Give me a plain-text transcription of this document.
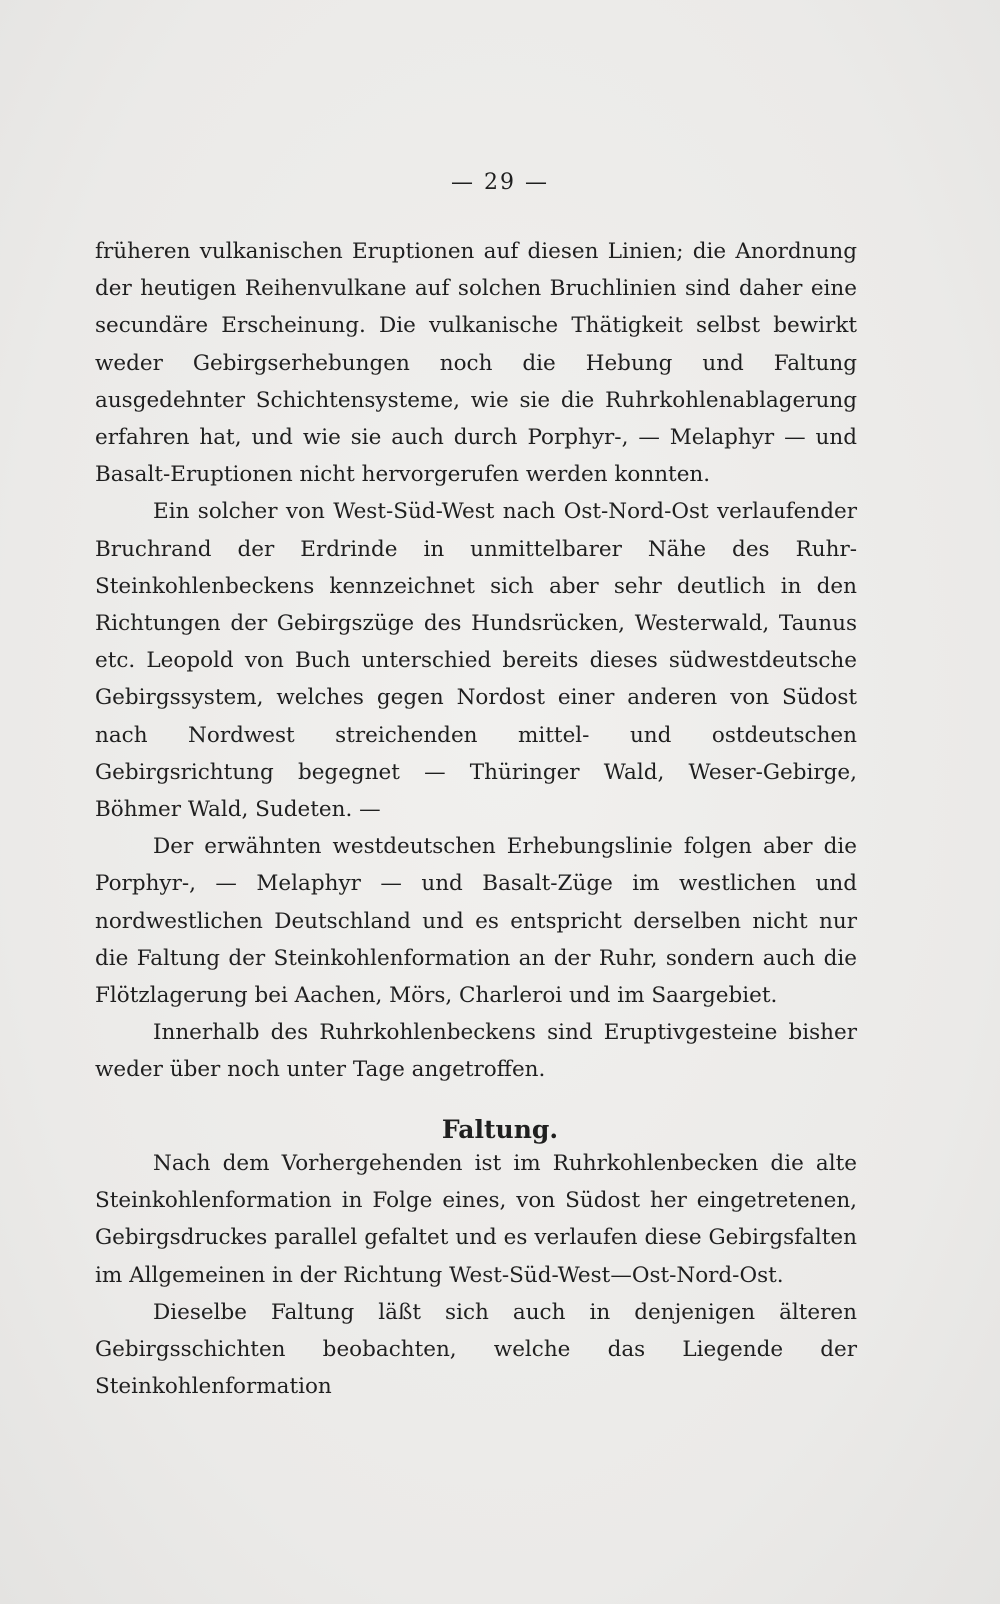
— 29 —

früheren vulkanischen Eruptionen auf diesen Linien; die Anordnung der heutigen Reihenvulkane auf solchen Bruchlinien sind daher eine secundäre Erscheinung. Die vulkanische Thätigkeit selbst bewirkt weder Gebirgserhebungen noch die Hebung und Faltung ausgedehnter Schichtensysteme, wie sie die Ruhrkohlenablagerung erfahren hat, und wie sie auch durch Porphyr-, — Melaphyr — und Basalt-Eruptionen nicht hervorgerufen werden konnten.

Ein solcher von West-Süd-West nach Ost-Nord-Ost verlaufender Bruchrand der Erdrinde in unmittelbarer Nähe des Ruhr-Steinkohlenbeckens kennzeichnet sich aber sehr deutlich in den Richtungen der Gebirgszüge des Hundsrücken, Westerwald, Taunus etc. Leopold von Buch unterschied bereits dieses südwestdeutsche Gebirgssystem, welches gegen Nordost einer anderen von Südost nach Nordwest streichenden mittel- und ostdeutschen Gebirgsrichtung begegnet — Thüringer Wald, Weser-Gebirge, Böhmer Wald, Sudeten. —

Der erwähnten westdeutschen Erhebungslinie folgen aber die Porphyr-, — Melaphyr — und Basalt-Züge im westlichen und nordwestlichen Deutschland und es entspricht derselben nicht nur die Faltung der Steinkohlenformation an der Ruhr, sondern auch die Flötzlagerung bei Aachen, Mörs, Charleroi und im Saargebiet.

Innerhalb des Ruhrkohlenbeckens sind Eruptivgesteine bisher weder über noch unter Tage angetroffen.

Faltung.

Nach dem Vorhergehenden ist im Ruhrkohlenbecken die alte Steinkohlenformation in Folge eines, von Südost her eingetretenen, Gebirgsdruckes parallel gefaltet und es verlaufen diese Gebirgsfalten im Allgemeinen in der Richtung West-Süd-West—Ost-Nord-Ost.

Dieselbe Faltung läßt sich auch in denjenigen älteren Gebirgsschichten beobachten, welche das Liegende der Steinkohlenformation
